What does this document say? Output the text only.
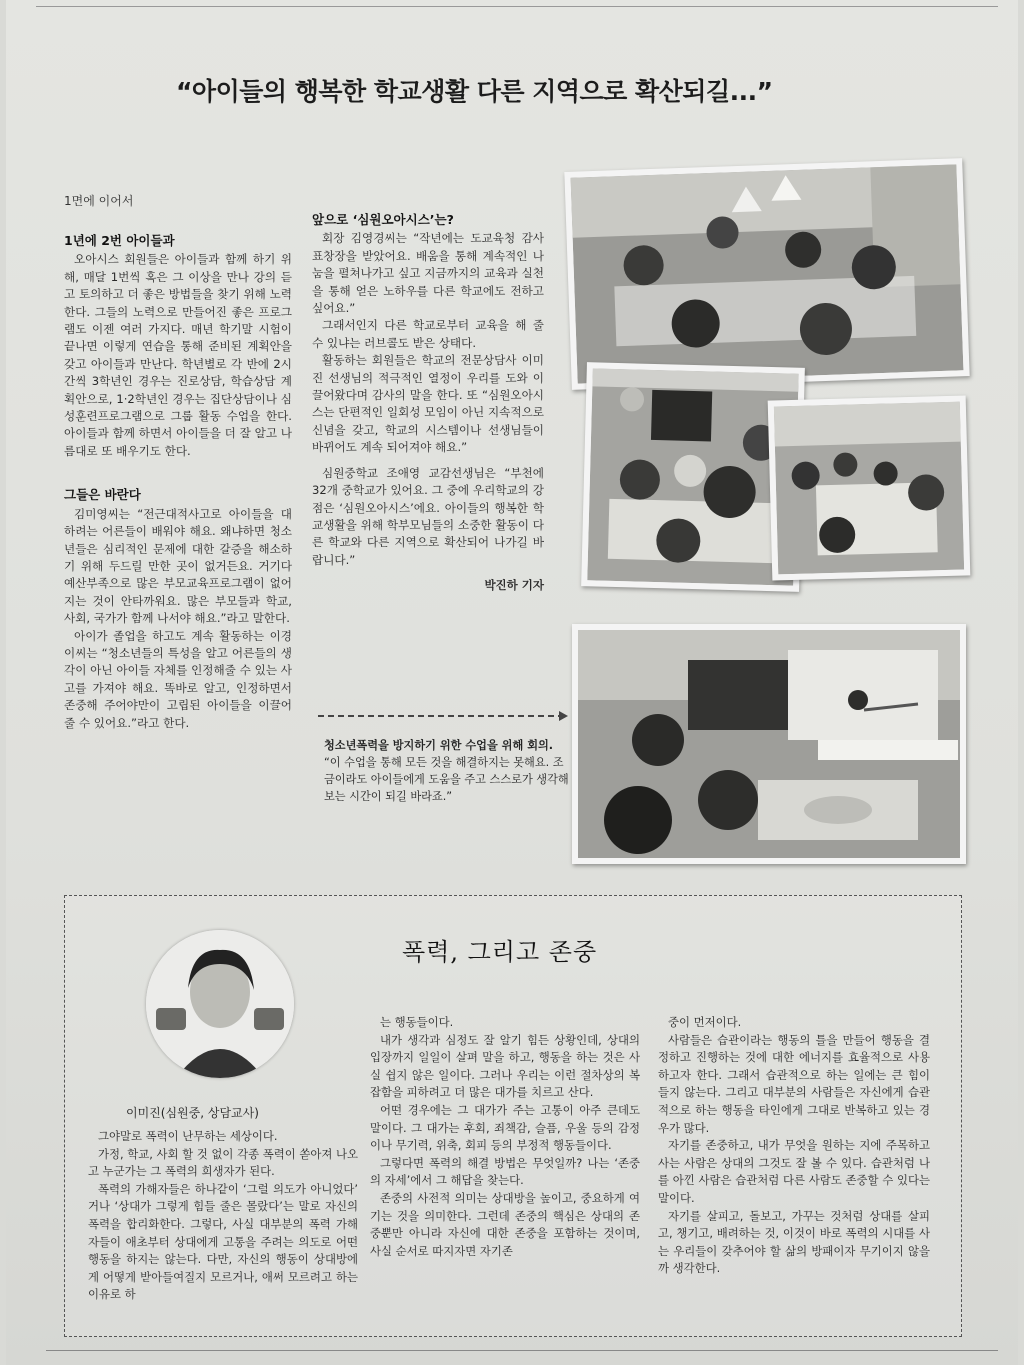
“아이들의 행복한 학교생활 다른 지역으로 확산되길...”
1면에 이어서
1년에 2번 아이들과

오아시스 회원들은 아이들과 함께 하기 위해, 매달 1번씩 혹은 그 이상을 만나 강의 듣고 토의하고 더 좋은 방법들을 찾기 위해 노력한다. 그들의 노력으로 만들어진 좋은 프로그램도 이젠 여러 가지다. 매년 학기말 시험이 끝나면 이렇게 연습을 통해 준비된 계획안을 갖고 아이들과 만난다. 학년별로 각 반에 2시간씩 3학년인 경우는 진로상담, 학습상담 계획안으로, 1·2학년인 경우는 집단상담이나 심성훈련프로그램으로 그룹 활동 수업을 한다. 아이들과 함께 하면서 아이들을 더 잘 알고 나름대로 또 배우기도 한다.

그들은 바란다

김미영씨는 “전근대적사고로 아이들을 대하려는 어른들이 배워야 해요. 왜냐하면 청소년들은 심리적인 문제에 대한 갈증을 해소하기 위해 두드릴 만한 곳이 없거든요. 거기다 예산부족으로 많은 부모교육프로그램이 없어지는 것이 안타까워요. 많은 부모들과 학교, 사회, 국가가 함께 나서야 해요.”라고 말한다.

아이가 졸업을 하고도 계속 활동하는 이경이씨는 “청소년들의 특성을 알고 어른들의 생각이 아닌 아이들 자체를 인정해줄 수 있는 사고를 가져야 해요. 똑바로 알고, 인정하면서 존중해 주어야만이 고립된 아이들을 이끌어 줄 수 있어요.”라고 한다.

앞으로 ‘심원오아시스’는?

회장 김영경씨는 “작년에는 도교육청 감사표창장을 받았어요. 배움을 통해 계속적인 나눔을 펼쳐나가고 싶고 지금까지의 교육과 실천을 통해 얻은 노하우를 다른 학교에도 전하고 싶어요.”

그래서인지 다른 학교로부터 교육을 해 줄 수 있냐는 러브콜도 받은 상태다.

활동하는 회원들은 학교의 전문상담사 이미진 선생님의 적극적인 열정이 우리를 도와 이끌어왔다며 감사의 말을 한다. 또 “심원오아시스는 단편적인 일회성 모임이 아닌 지속적으로 신념을 갖고, 학교의 시스템이나 선생님들이 바뀌어도 계속 되어져야 해요.”

심원중학교 조애영 교감선생님은 “부천에 32개 중학교가 있어요. 그 중에 우리학교의 강점은 ‘심원오아시스’에요. 아이들의 행복한 학교생활을 위해 학부모님들의 소중한 활동이 다른 학교와 다른 지역으로 확산되어 나가길 바랍니다.”

박진하 기자
청소년폭력을 방지하기 위한 수업을 위해 회의.
“이 수업을 통해 모든 것을 해결하지는 못해요. 조금이라도 아이들에게 도움을 주고 스스로가 생각해보는 시간이 되길 바라죠.”
폭력, 그리고 존중
이미진(심원중, 상담교사)

그야말로 폭력이 난무하는 세상이다.

가정, 학교, 사회 할 것 없이 각종 폭력이 쏟아져 나오고 누군가는 그 폭력의 희생자가 된다.

폭력의 가해자들은 하나같이 ‘그럴 의도가 아니었다’ 거나 ‘상대가 그렇게 힘들 줄은 몰랐다’는 말로 자신의 폭력을 합리화한다. 그렇다, 사실 대부분의 폭력 가해자들이 애초부터 상대에게 고통을 주려는 의도로 어떤 행동을 하지는 않는다. 다만, 자신의 행동이 상대방에게 어떻게 받아들여질지 모르거나, 애써 모르려고 하는 이유로 하

는 행동들이다.

내가 생각과 심정도 잘 알기 힘든 상황인데, 상대의 입장까지 일일이 살펴 말을 하고, 행동을 하는 것은 사실 쉽지 않은 일이다. 그러나 우리는 이런 절차상의 복잡함을 피하려고 더 많은 대가를 치르고 산다.

어떤 경우에는 그 대가가 주는 고통이 아주 큰데도 말이다. 그 대가는 후회, 죄책감, 슬픔, 우울 등의 감정이나 무기력, 위축, 회피 등의 부정적 행동들이다.

그렇다면 폭력의 해결 방법은 무엇일까? 나는 ‘존중의 자세’에서 그 해답을 찾는다.

존중의 사전적 의미는 상대방을 높이고, 중요하게 여기는 것을 의미한다. 그런데 존중의 핵심은 상대의 존중뿐만 아니라 자신에 대한 존중을 포함하는 것이며, 사실 순서로 따지자면 자기존

중이 먼저이다.

사람들은 습관이라는 행동의 틀을 만들어 행동을 결정하고 진행하는 것에 대한 에너지를 효율적으로 사용하고자 한다. 그래서 습관적으로 하는 일에는 큰 힘이 들지 않는다. 그리고 대부분의 사람들은 자신에게 습관적으로 하는 행동을 타인에게 그대로 반복하고 있는 경우가 많다.

자기를 존중하고, 내가 무엇을 원하는 지에 주목하고 사는 사람은 상대의 그것도 잘 볼 수 있다. 습관처럼 나를 아낀 사람은 습관처럼 다른 사람도 존중할 수 있다는 말이다.

자기를 살피고, 돌보고, 가꾸는 것처럼 상대를 살피고, 챙기고, 배려하는 것, 이것이 바로 폭력의 시대를 사는 우리들이 갖추어야 할 삶의 방패이자 무기이지 않을까 생각한다.
